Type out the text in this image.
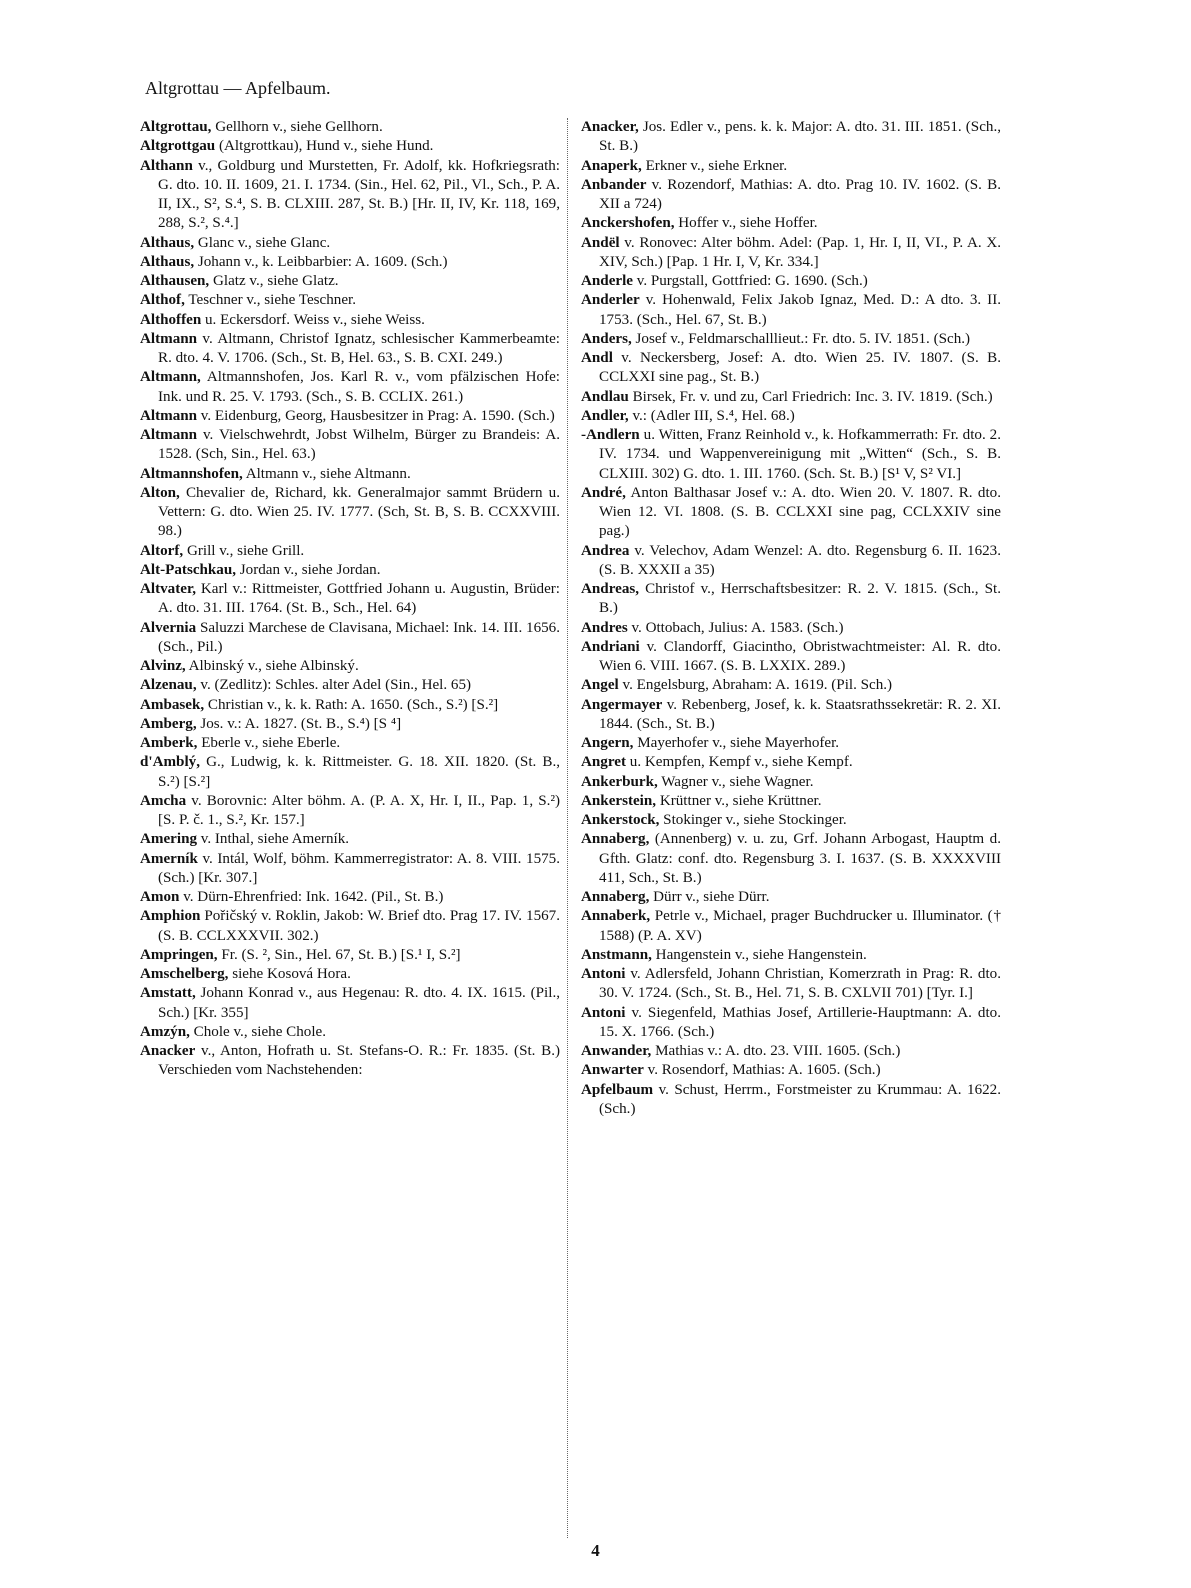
Altgrottau — Apfelbaum.

Altgrottau, Gellhorn v., siehe Gellhorn.

Altgrottgau (Altgrottkau), Hund v., siehe Hund.

Althann v., Goldburg und Murstetten, Fr. Adolf, kk. Hofkriegsrath: G. dto. 10. II. 1609, 21. I. 1734. (Sin., Hel. 62, Pil., Vl., Sch., P. A. II, IX., S², S.⁴, S. B. CLXIII. 287, St. B.) [Hr. II, IV, Kr. 118, 169, 288, S.², S.⁴.]

Althaus, Glanc v., siehe Glanc.

Althaus, Johann v., k. Leibbarbier: A. 1609. (Sch.)

Althausen, Glatz v., siehe Glatz.

Althof, Teschner v., siehe Teschner.

Althoffen u. Eckersdorf. Weiss v., siehe Weiss.

Altmann v. Altmann, Christof Ignatz, schlesischer Kammerbeamte: R. dto. 4. V. 1706. (Sch., St. B, Hel. 63., S. B. CXI. 249.)

Altmann, Altmannshofen, Jos. Karl R. v., vom pfälzischen Hofe: Ink. und R. 25. V. 1793. (Sch., S. B. CCLIX. 261.)

Altmann v. Eidenburg, Georg, Hausbesitzer in Prag: A. 1590. (Sch.)

Altmann v. Vielschwehrdt, Jobst Wilhelm, Bürger zu Brandeis: A. 1528. (Sch, Sin., Hel. 63.)

Altmannshofen, Altmann v., siehe Altmann.

Alton, Chevalier de, Richard, kk. Generalmajor sammt Brüdern u. Vettern: G. dto. Wien 25. IV. 1777. (Sch, St. B, S. B. CCXXVIII. 98.)

Altorf, Grill v., siehe Grill.

Alt-Patschkau, Jordan v., siehe Jordan.

Altvater, Karl v.: Rittmeister, Gottfried Johann u. Augustin, Brüder: A. dto. 31. III. 1764. (St. B., Sch., Hel. 64)

Alvernia Saluzzi Marchese de Clavisana, Michael: Ink. 14. III. 1656. (Sch., Pil.)

Alvinz, Albinský v., siehe Albinský.

Alzenau, v. (Zedlitz): Schles. alter Adel (Sin., Hel. 65)

Ambasek, Christian v., k. k. Rath: A. 1650. (Sch., S.²) [S.²]

Amberg, Jos. v.: A. 1827. (St. B., S.⁴) [S ⁴]

Amberk, Eberle v., siehe Eberle.

d'Amblý, G., Ludwig, k. k. Rittmeister. G. 18. XII. 1820. (St. B., S.²) [S.²]

Amcha v. Borovnic: Alter böhm. A. (P. A. X, Hr. I, II., Pap. 1, S.²) [S. P. č. 1., S.², Kr. 157.]

Amering v. Inthal, siehe Amerník.

Amerník v. Intál, Wolf, böhm. Kammerregistrator: A. 8. VIII. 1575. (Sch.) [Kr. 307.]

Amon v. Dürn-Ehrenfried: Ink. 1642. (Pil., St. B.)

Amphion Pořičský v. Roklin, Jakob: W. Brief dto. Prag 17. IV. 1567. (S. B. CCLXXXVII. 302.)

Ampringen, Fr. (S. ², Sin., Hel. 67, St. B.) [S.¹ I, S.²]

Amschelberg, siehe Kosová Hora.

Amstatt, Johann Konrad v., aus Hegenau: R. dto. 4. IX. 1615. (Pil., Sch.) [Kr. 355]

Amzýn, Chole v., siehe Chole.

Anacker v., Anton, Hofrath u. St. Stefans-O. R.: Fr. 1835. (St. B.) Verschieden vom Nachstehenden:

Anacker, Jos. Edler v., pens. k. k. Major: A. dto. 31. III. 1851. (Sch., St. B.)

Anaperk, Erkner v., siehe Erkner.

Anbander v. Rozendorf, Mathias: A. dto. Prag 10. IV. 1602. (S. B. XII a 724)

Anckershofen, Hoffer v., siehe Hoffer.

Andël v. Ronovec: Alter böhm. Adel: (Pap. 1, Hr. I, II, VI., P. A. X. XIV, Sch.) [Pap. 1 Hr. I, V, Kr. 334.]

Anderle v. Purgstall, Gottfried: G. 1690. (Sch.)

Anderler v. Hohenwald, Felix Jakob Ignaz, Med. D.: A dto. 3. II. 1753. (Sch., Hel. 67, St. B.)

Anders, Josef v., Feldmarschalllieut.: Fr. dto. 5. IV. 1851. (Sch.)

Andl v. Neckersberg, Josef: A. dto. Wien 25. IV. 1807. (S. B. CCLXXI sine pag., St. B.)

Andlau Birsek, Fr. v. und zu, Carl Friedrich: Inc. 3. IV. 1819. (Sch.)

Andler, v.: (Adler III, S.⁴, Hel. 68.)

-Andlern u. Witten, Franz Reinhold v., k. Hofkammerrath: Fr. dto. 2. IV. 1734. und Wappenvereinigung mit „Witten“ (Sch., S. B. CLXIII. 302) G. dto. 1. III. 1760. (Sch. St. B.) [S¹ V, S² VI.]

André, Anton Balthasar Josef v.: A. dto. Wien 20. V. 1807. R. dto. Wien 12. VI. 1808. (S. B. CCLXXI sine pag, CCLXXIV sine pag.)

Andrea v. Velechov, Adam Wenzel: A. dto. Regensburg 6. II. 1623. (S. B. XXXII a 35)

Andreas, Christof v., Herrschaftsbesitzer: R. 2. V. 1815. (Sch., St. B.)

Andres v. Ottobach, Julius: A. 1583. (Sch.)

Andriani v. Clandorff, Giacintho, Obristwachtmeister: Al. R. dto. Wien 6. VIII. 1667. (S. B. LXXIX. 289.)

Angel v. Engelsburg, Abraham: A. 1619. (Pil. Sch.)

Angermayer v. Rebenberg, Josef, k. k. Staatsrathssekretär: R. 2. XI. 1844. (Sch., St. B.)

Angern, Mayerhofer v., siehe Mayerhofer.

Angret u. Kempfen, Kempf v., siehe Kempf.

Ankerburk, Wagner v., siehe Wagner.

Ankerstein, Krüttner v., siehe Krüttner.

Ankerstock, Stokinger v., siehe Stockinger.

Annaberg, (Annenberg) v. u. zu, Grf. Johann Arbogast, Hauptm d. Gfth. Glatz: conf. dto. Regensburg 3. I. 1637. (S. B. XXXXVIII 411, Sch., St. B.)

Annaberg, Dürr v., siehe Dürr.

Annaberk, Petrle v., Michael, prager Buchdrucker u. Illuminator. († 1588) (P. A. XV)

Anstmann, Hangenstein v., siehe Hangenstein.

Antoni v. Adlersfeld, Johann Christian, Komerzrath in Prag: R. dto. 30. V. 1724. (Sch., St. B., Hel. 71, S. B. CXLVII 701) [Tyr. I.]

Antoni v. Siegenfeld, Mathias Josef, Artillerie-Hauptmann: A. dto. 15. X. 1766. (Sch.)

Anwander, Mathias v.: A. dto. 23. VIII. 1605. (Sch.)

Anwarter v. Rosendorf, Mathias: A. 1605. (Sch.)

Apfelbaum v. Schust, Herrm., Forstmeister zu Krummau: A. 1622. (Sch.)

4
